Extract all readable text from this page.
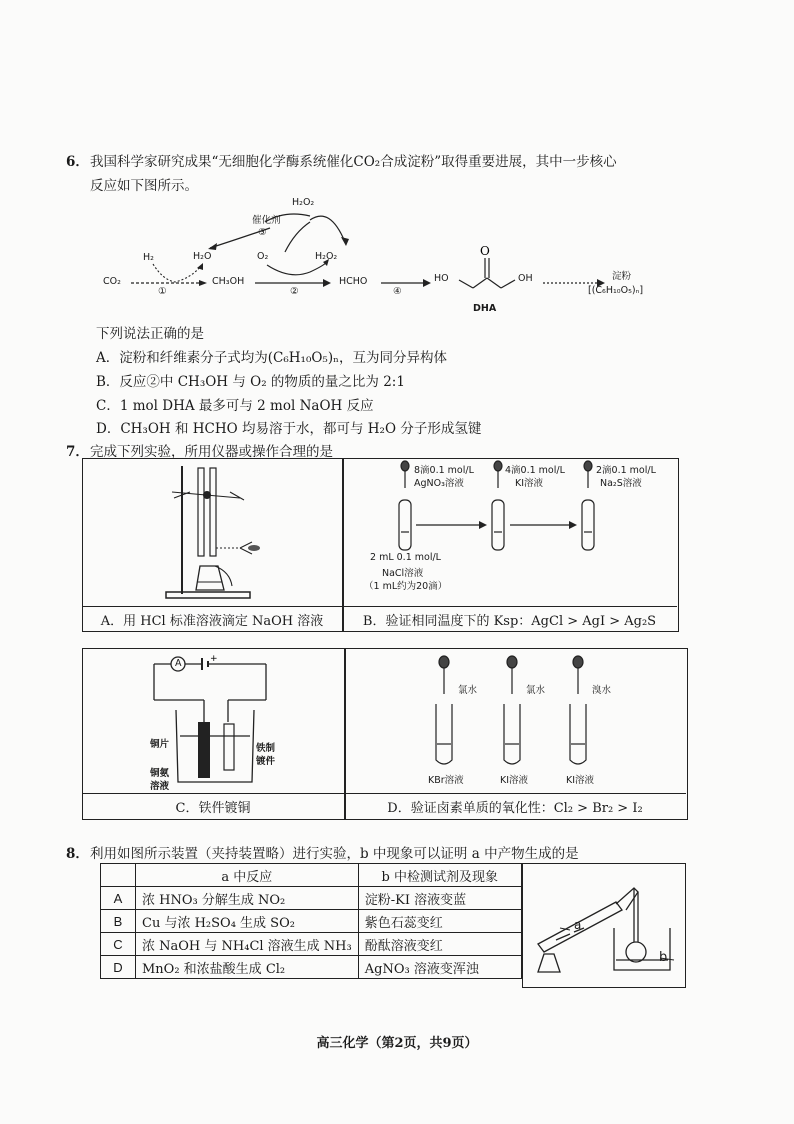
6． 我国科学家研究成果“无细胞化学酶系统催化CO₂合成淀粉”取得重要进展，其中一步核心
反应如下图所示。
O
H₂O₂
催化剂
③
H₂	H₂O	O₂	H₂O₂
CO₂
①
CH₃OH
②
HCHO
④
HO	OH
DHA
淀粉
[(C₆H₁₀O₅)ₙ]
下列说法正确的是
A．淀粉和纤维素分子式均为(C₆H₁₀O₅)ₙ，互为同分异构体
B．反应②中 CH₃OH 与 O₂ 的物质的量之比为 2:1
C．1 mol DHA 最多可与 2 mol NaOH 反应
D．CH₃OH 和 HCHO 均易溶于水，都可与 H₂O 分子形成氢键
7． 完成下列实验，所用仪器或操作合理的是
A．用 HCl 标准溶液滴定 NaOH 溶液
8滴0.1 mol/L
AgNO₃溶液
4滴0.1 mol/L
KI溶液
2滴0.1 mol/L
Na₂S溶液
2 mL 0.1 mol/L
NaCl溶液
（1 mL约为20滴）
B．验证相同温度下的 Ksp：AgCl > AgI > Ag₂S
+
A
铜片	铁制
镀件
铜氨
溶液
C．铁件镀铜
氯水	氯水	溴水
KBr溶液	KI溶液	KI溶液
D．验证卤素单质的氧化性：Cl₂ > Br₂ > I₂
8． 利用如图所示装置（夹持装置略）进行实验，b 中现象可以证明 a 中产物生成的是
	a 中反应	b 中检测试剂及现象
A	浓 HNO₃ 分解生成 NO₂	淀粉-KI 溶液变蓝
B	Cu 与浓 H₂SO₄ 生成 SO₂	紫色石蕊变红
C	浓 NaOH 与 NH₄Cl 溶液生成 NH₃	酚酞溶液变红
D	MnO₂ 和浓盐酸生成 Cl₂	AgNO₃ 溶液变浑浊
a
b
高三化学（第2页，共9页）
